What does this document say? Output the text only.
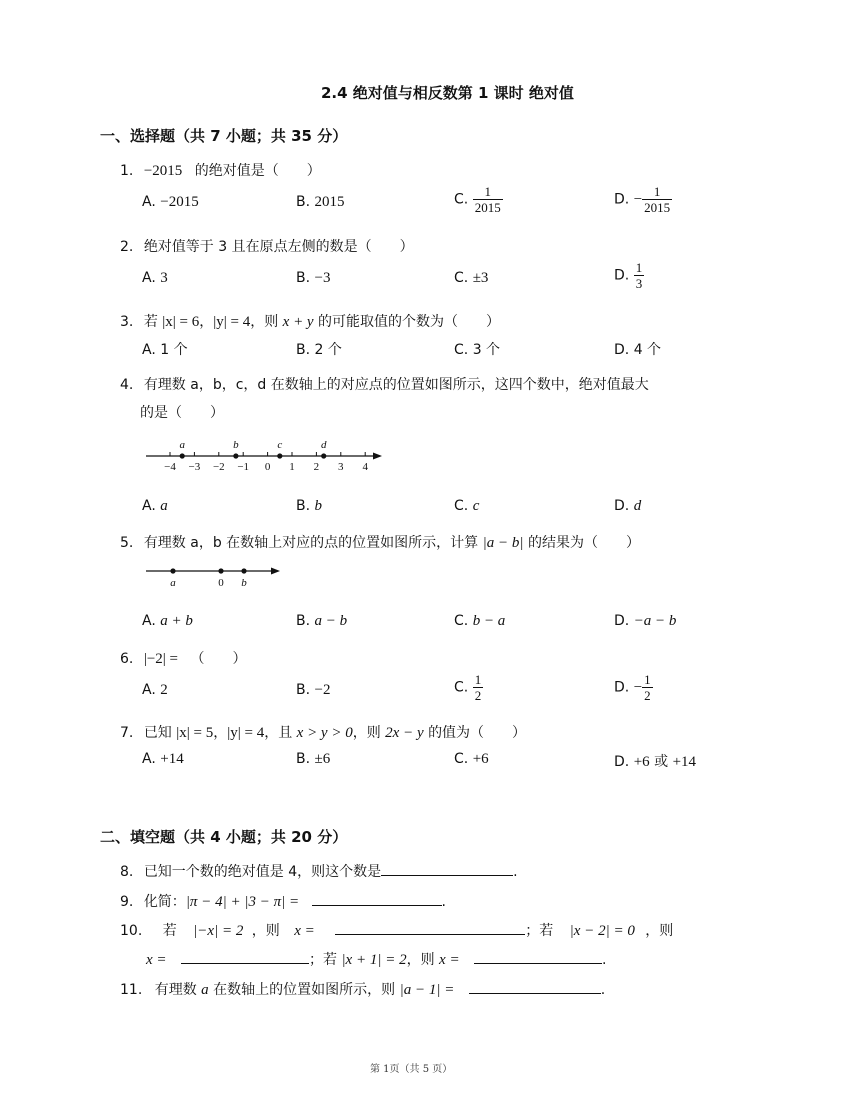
2.4 绝对值与相反数第 1 课时 绝对值
一、选择题（共 7 小题；共 35 分）
1. −2015 的绝对值是（　　）
A. −2015	B. 2015	C. $\frac{1}{2015}$	D. − $\frac{1}{2015}$
2. 绝对值等于 3 且在原点左侧的数是（　　）
A. 3	B. −3	C. ±3	D. $\frac{1}{3}$
3. 若 |x| = 6，|y| = 4，则 x + y 的可能取值的个数为（　　）
A. 1 个	B. 2 个	C. 3 个	D. 4 个
4. 有理数 a，b，c，d 在数轴上的对应点的位置如图所示，这四个数中，绝对值最大
的是（　　）
−4 −3 −2 −1 0 1 2 3 4
a	b	c	d
A. a	B. b	C. c	D. d
5. 有理数 a，b 在数轴上对应的点的位置如图所示，计算 |a − b| 的结果为（　　）
a	0 b
A. a + b	B. a − b	C. b − a	D. −a − b
6. |−2| = （　　）
A. 2	B. −2	C. $\frac{1}{2}$	D. − $\frac{1}{2}$
7. 已知 |x| = 5，|y| = 4，且 x > y > 0，则 2x − y 的值为（　　）
A. +14	B. ±6	C. +6	D. +6 或 +14
二、填空题（共 4 小题；共 20 分）
8. 已知一个数的绝对值是 4，则这个数是	.
9. 化简：|π − 4| + |3 − π| =	.
10. 若 |−x| = 2 ，则 x =	；若 |x − 2| = 0 ，则
x =	；若 |x + 1| = 2，则 x =	.
11. 有理数 a 在数轴上的位置如图所示，则 |a − 1| =	.
第 1页（共 5 页）
